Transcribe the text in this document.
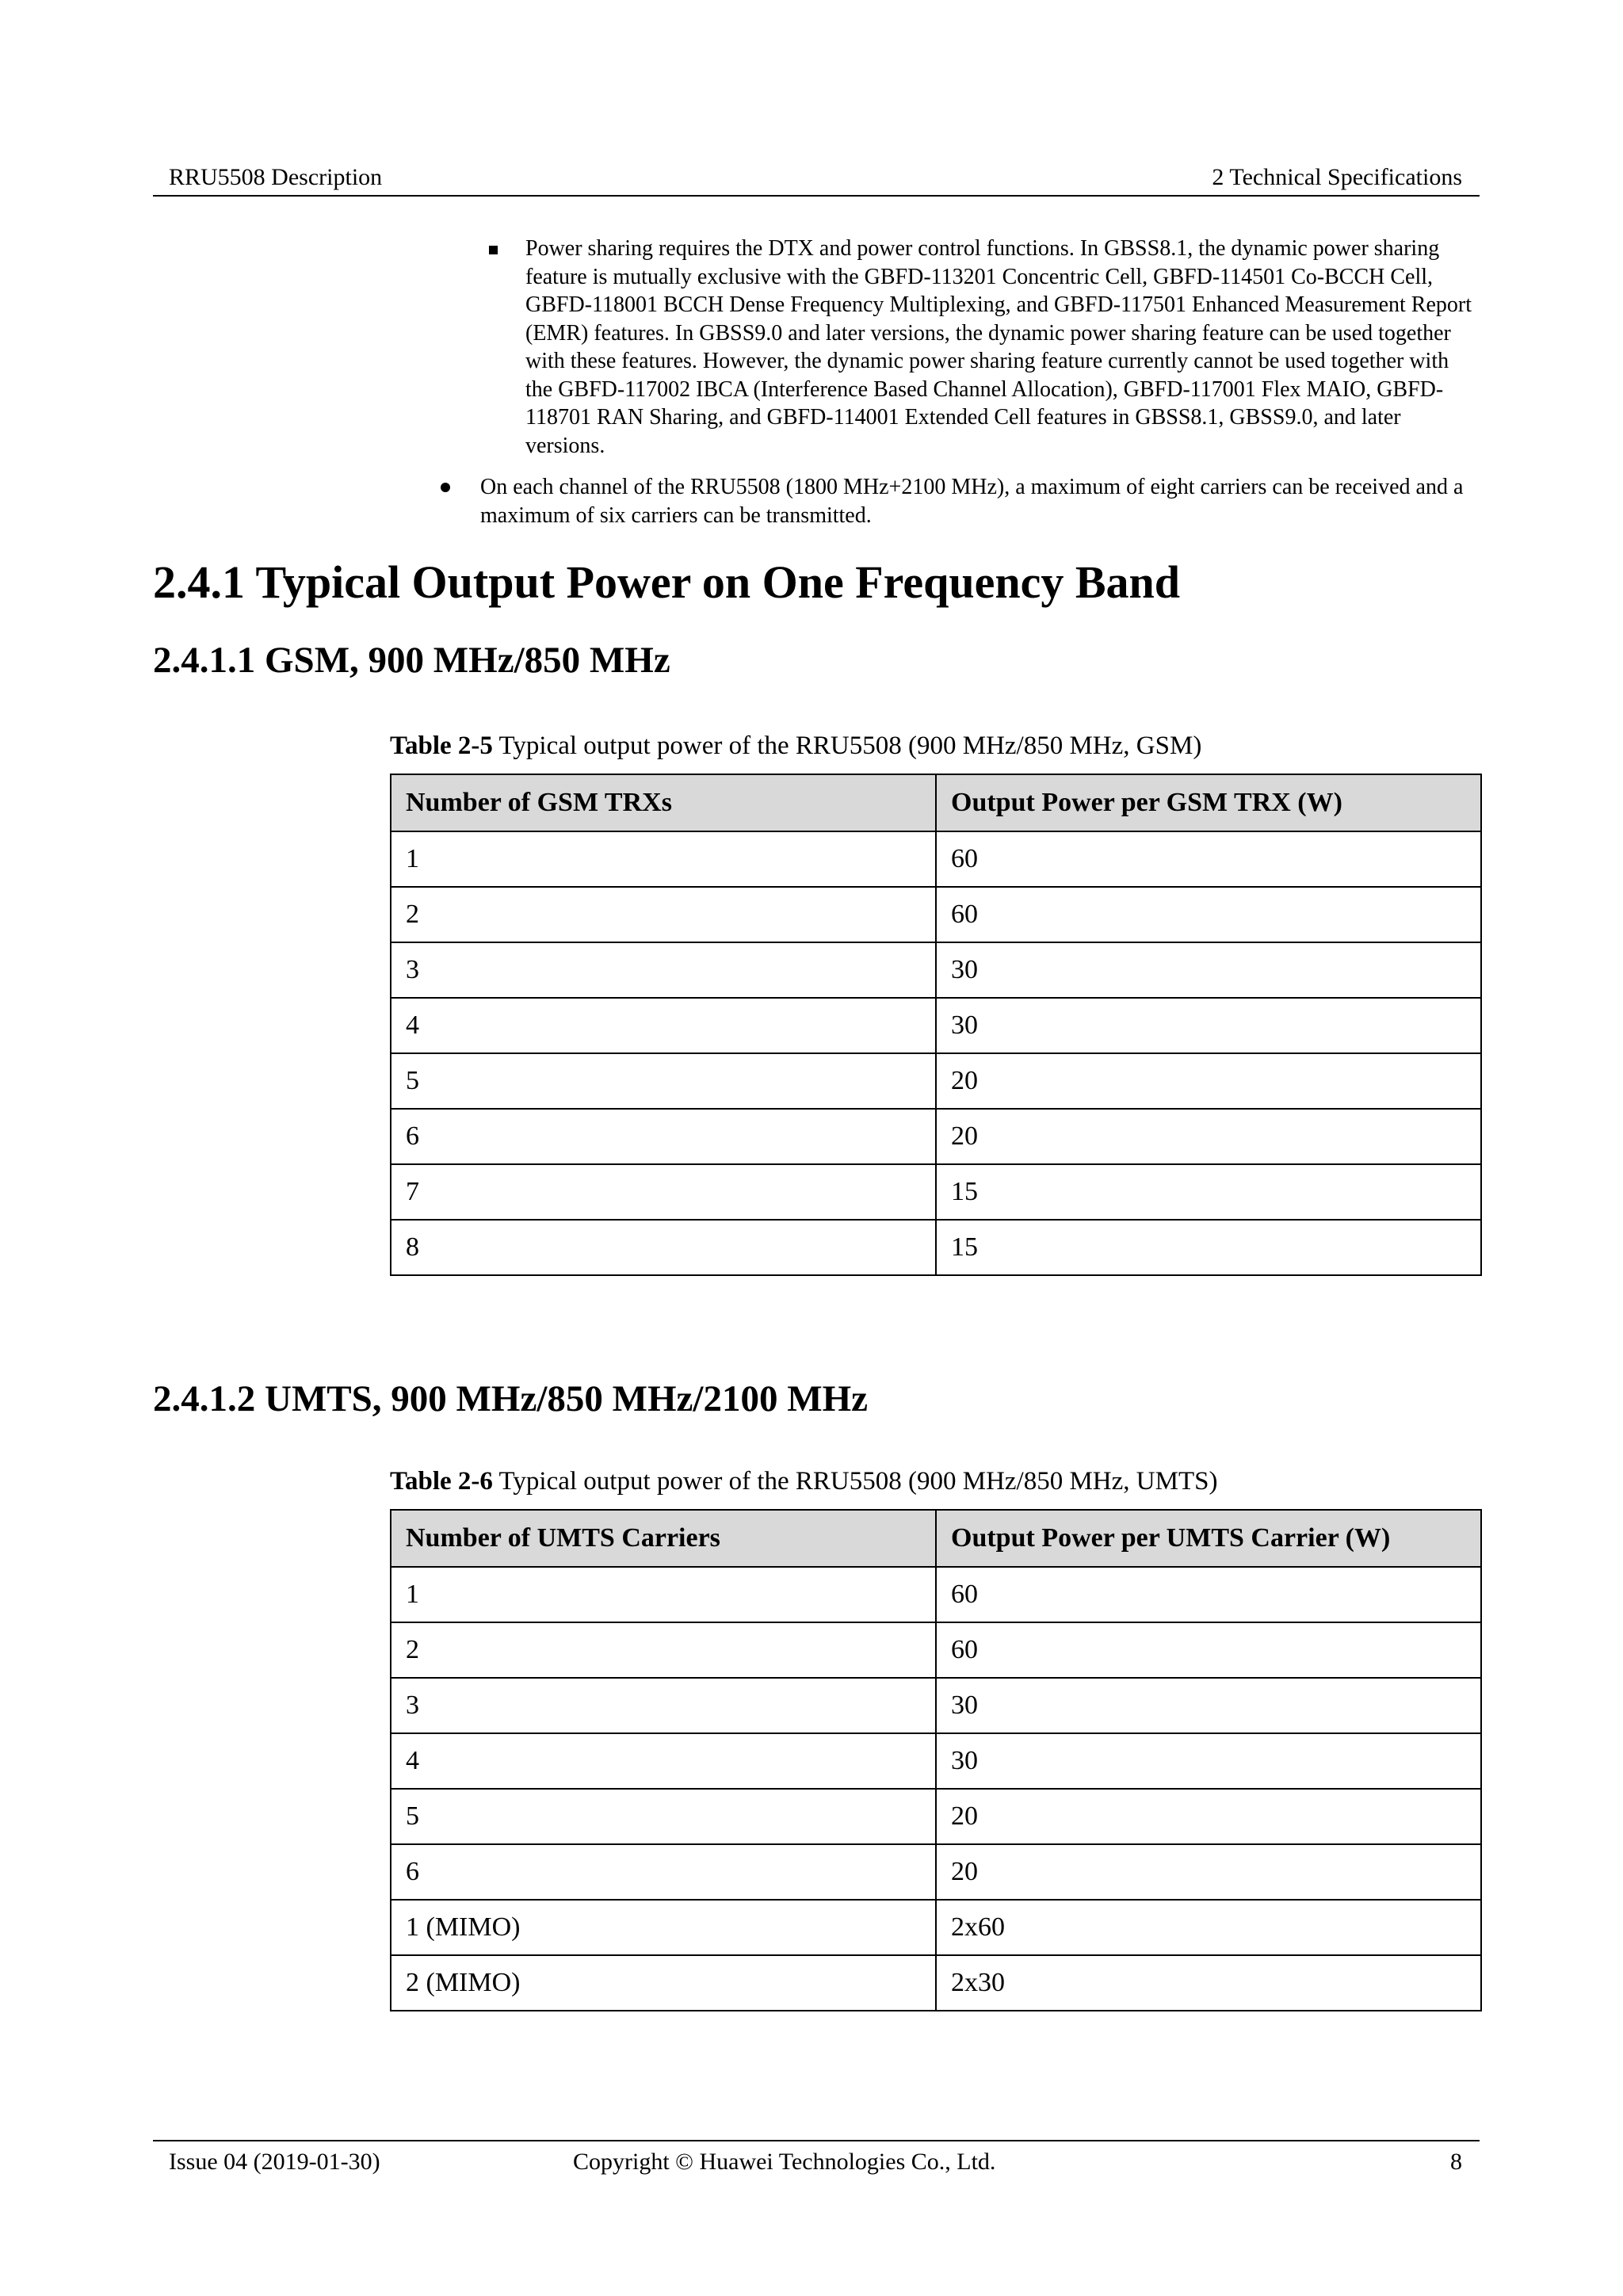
RRU5508 Description	2 Technical Specifications
Power sharing requires the DTX and power control functions. In GBSS8.1, the dynamic power sharing feature is mutually exclusive with the GBFD-113201 Concentric Cell, GBFD-114501 Co-BCCH Cell, GBFD-118001 BCCH Dense Frequency Multiplexing, and GBFD-117501 Enhanced Measurement Report (EMR) features. In GBSS9.0 and later versions, the dynamic power sharing feature can be used together with these features. However, the dynamic power sharing feature currently cannot be used together with the GBFD-117002 IBCA (Interference Based Channel Allocation), GBFD-117001 Flex MAIO, GBFD-118701 RAN Sharing, and GBFD-114001 Extended Cell features in GBSS8.1, GBSS9.0, and later versions.
On each channel of the RRU5508 (1800 MHz+2100 MHz), a maximum of eight carriers can be received and a maximum of six carriers can be transmitted.
2.4.1 Typical Output Power on One Frequency Band
2.4.1.1 GSM, 900 MHz/850 MHz
Table 2-5 Typical output power of the RRU5508 (900 MHz/850 MHz, GSM)
Number of GSM TRXs	Output Power per GSM TRX (W)
1	60
2	60
3	30
4	30
5	20
6	20
7	15
8	15
2.4.1.2 UMTS, 900 MHz/850 MHz/2100 MHz
Table 2-6 Typical output power of the RRU5508 (900 MHz/850 MHz, UMTS)
Number of UMTS Carriers	Output Power per UMTS Carrier (W)
1	60
2	60
3	30
4	30
5	20
6	20
1 (MIMO)	2x60
2 (MIMO)	2x30
Issue 04 (2019-01-30)	Copyright © Huawei Technologies Co., Ltd.	8
